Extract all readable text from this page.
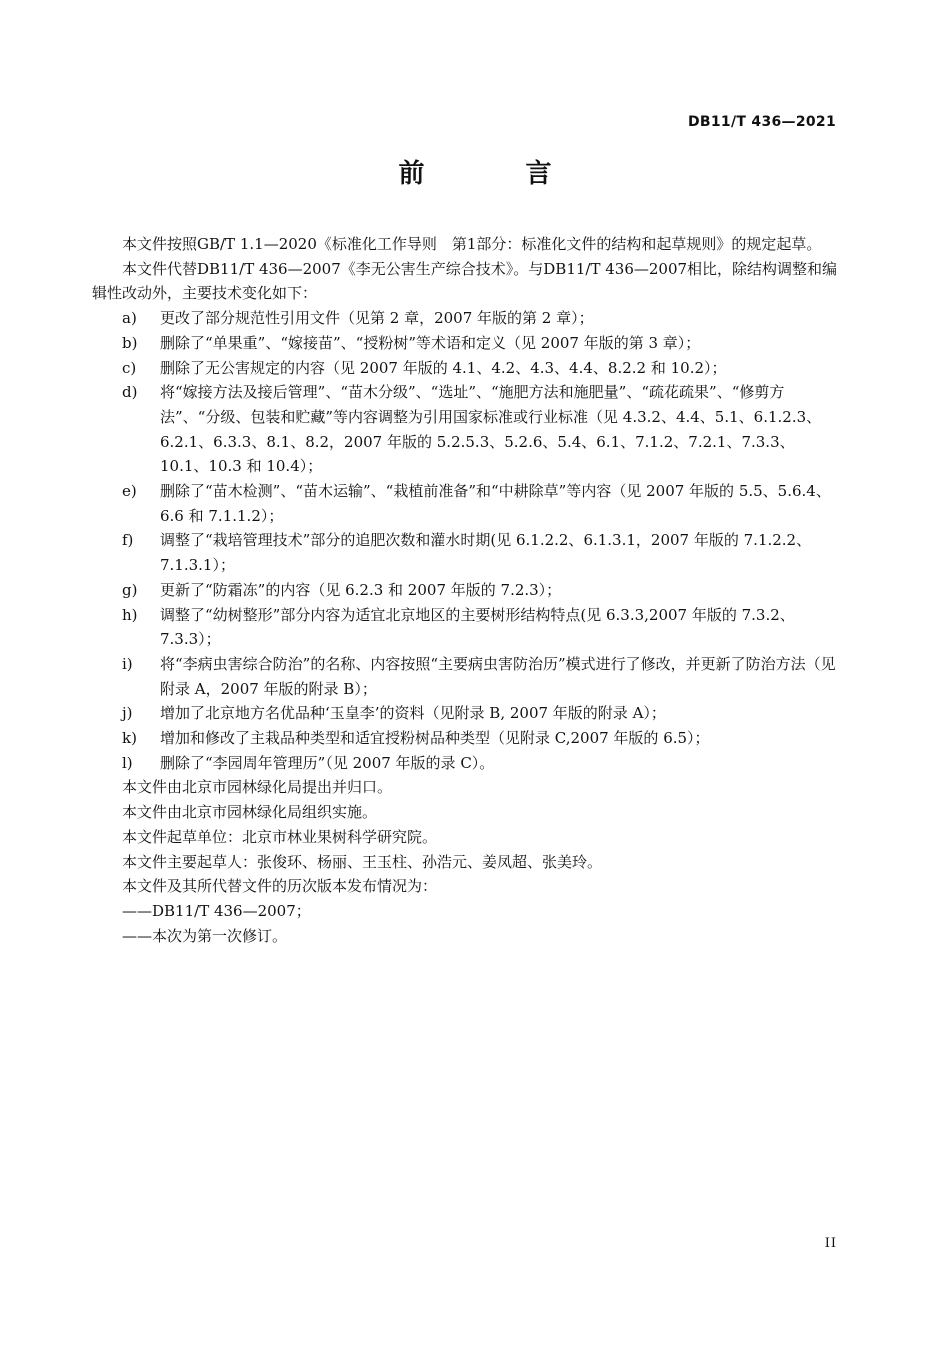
DB11/T 436—2021
前 言

本文件按照GB/T 1.1—2020《标准化工作导则　第1部分：标准化文件的结构和起草规则》的规定起草。

本文件代替DB11/T 436—2007《李无公害生产综合技术》。与DB11/T 436—2007相比，除结构调整和编辑性改动外，主要技术变化如下：

a)	更改了部分规范性引用文件（见第 2 章，2007 年版的第 2 章）；
b)	删除了“单果重”、“嫁接苗”、“授粉树”等术语和定义（见 2007 年版的第 3 章）；
c)	删除了无公害规定的内容（见 2007 年版的 4.1、4.2、4.3、4.4、8.2.2 和 10.2）；
d)	将“嫁接方法及接后管理”、“苗木分级”、“选址”、“施肥方法和施肥量”、“疏花疏果”、“修剪方法”、“分级、包装和贮藏”等内容调整为引用国家标准或行业标准（见 4.3.2、4.4、5.1、6.1.2.3、6.2.1、6.3.3、8.1、8.2，2007 年版的 5.2.5.3、5.2.6、5.4、6.1、7.1.2、7.2.1、7.3.3、10.1、10.3 和 10.4）；
e)	删除了“苗木检测”、“苗木运输”、“栽植前准备”和“中耕除草”等内容（见 2007 年版的 5.5、5.6.4、6.6 和 7.1.1.2）；
f)	调整了“栽培管理技术”部分的追肥次数和灌水时期(见 6.1.2.2、6.1.3.1，2007 年版的 7.1.2.2、7.1.3.1）；
g)	更新了“防霜冻”的内容（见 6.2.3 和 2007 年版的 7.2.3）；
h)	调整了“幼树整形”部分内容为适宜北京地区的主要树形结构特点(见 6.3.3,2007 年版的 7.3.2、7.3.3）；
i)	将“李病虫害综合防治”的名称、内容按照“主要病虫害防治历”模式进行了修改，并更新了防治方法（见附录 A，2007 年版的附录 B）；
j)	增加了北京地方名优品种‘玉皇李’的资料（见附录 B, 2007 年版的附录 A）；
k)	增加和修改了主栽品种类型和适宜授粉树品种类型（见附录 C,2007 年版的 6.5）；
l)	删除了“李园周年管理历”（见 2007 年版的录 C）。

本文件由北京市园林绿化局提出并归口。

本文件由北京市园林绿化局组织实施。

本文件起草单位：北京市林业果树科学研究院。

本文件主要起草人：张俊环、杨丽、王玉柱、孙浩元、姜凤超、张美玲。

本文件及其所代替文件的历次版本发布情况为：

——DB11/T 436—2007；

——本次为第一次修订。

II
